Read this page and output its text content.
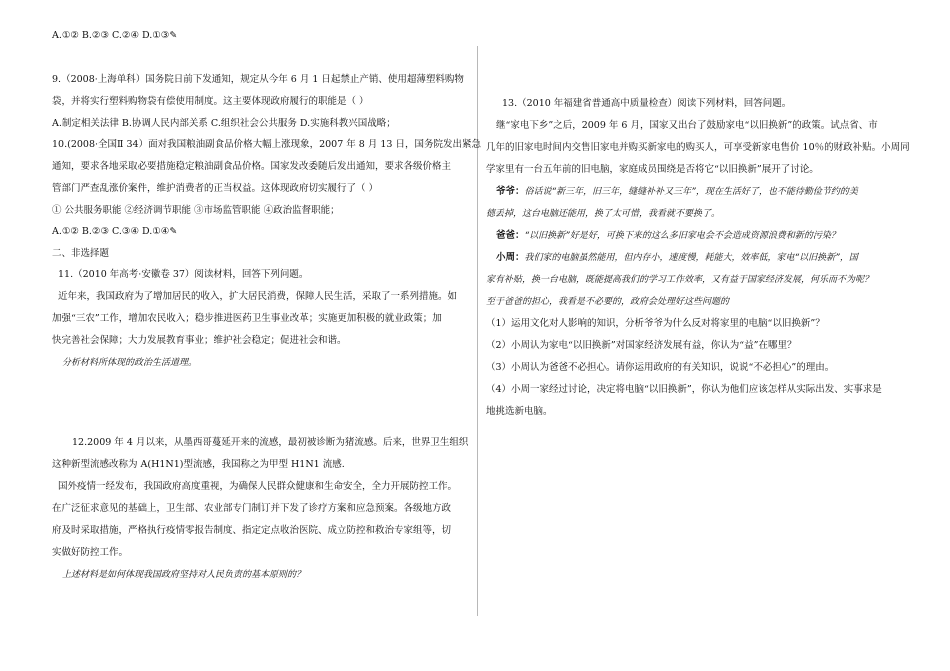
A.①② B.②③ C.②④ D.①③✎
9.（2008·上海单科）国务院日前下发通知，规定从今年 6 月 1 日起禁止产销、使用超薄塑料购物
袋，并将实行塑料购物袋有偿使用制度。这主要体现政府履行的职能是（ ）
A.制定相关法律 B.协调人民内部关系 C.组织社会公共服务 D.实施科教兴国战略；
10.(2008·全国Ⅱ 34）面对我国粮油副食品价格大幅上涨现象，2007 年 8 月 13 日，国务院发出紧急
通知，要求各地采取必要措施稳定粮油副食品价格。国家发改委随后发出通知，要求各级价格主
管部门严查乱涨价案件，维护消费者的正当权益。这体现政府切实履行了（ ）
① 公共服务职能 ②经济调节职能 ③市场监管职能 ④政治监督职能；
A.①② B.②③ C.③④ D.①④✎
二、非选择题
11.（2010 年高考·安徽卷 37）阅读材料，回答下列问题。
近年来，我国政府为了增加居民的收入，扩大居民消费，保障人民生活，采取了一系列措施。如
加强“三农”工作，增加农民收入；稳步推进医药卫生事业改革；实施更加积极的就业政策；加
快完善社会保障；大力发展教育事业；维护社会稳定；促进社会和谐。
分析材料所体现的政治生活道理。
12.2009 年 4 月以来，从墨西哥蔓延开来的流感，最初被诊断为猪流感。后来，世界卫生组织
这种新型流感改称为 A(H1N1)型流感，我国称之为甲型 H1N1 流感.
国外疫情一经发布，我国政府高度重视，为确保人民群众健康和生命安全，全力开展防控工作。
在广泛征求意见的基础上，卫生部、农业部专门制订并下发了诊疗方案和应急预案。各级地方政
府及时采取措施，严格执行疫情零报告制度、指定定点收治医院、成立防控和救治专家组等，切
实做好防控工作。
上述材料是如何体现我国政府坚持对人民负责的基本原则的？
13.（2010 年福建省普通高中质量检查）阅读下列材料，回答问题。
继“家电下乡”之后，2009 年 6 月，国家又出台了鼓励家电“以旧换新”的政策。试点省、市
几年的旧家电时间内交售旧家电并购买新家电的购买人，可享受新家电售价 10％的财政补贴。小周同
学家里有一台五年前的旧电脑，家庭成员围绕是否将它“以旧换新”展开了讨论。
爷爷：俗话说“新三年，旧三年，缝缝补补又三年”，现在生活好了，也不能待勤俭节约的美
德丢掉，这台电脑还能用，换了太可惜，我看就不要换了。
爸爸：“以旧换新”好是好，可换下来的这么多旧家电会不会造成资源浪费和新的污染？
小周：我们家的电脑虽然能用，但内存小，速度慢，耗能大，效率低，家电“以旧换新”，国
家有补贴，换一台电脑，既能提高我们的学习工作效率，又有益于国家经济发展，何乐而不为呢？
至于爸爸的担心，我看是不必要的，政府会处理好这些问题的
（1）运用文化对人影响的知识，分析爷爷为什么反对将家里的电脑“以旧换新”？
（2）小周认为家电“以旧换新”对国家经济发展有益，你认为“益”在哪里？
（3）小周认为爸爸不必担心。请你运用政府的有关知识，说说“不必担心”的理由。
（4）小周一家经过讨论，决定将电脑“以旧换新”，你认为他们应该怎样从实际出发、实事求是
地挑选新电脑。
